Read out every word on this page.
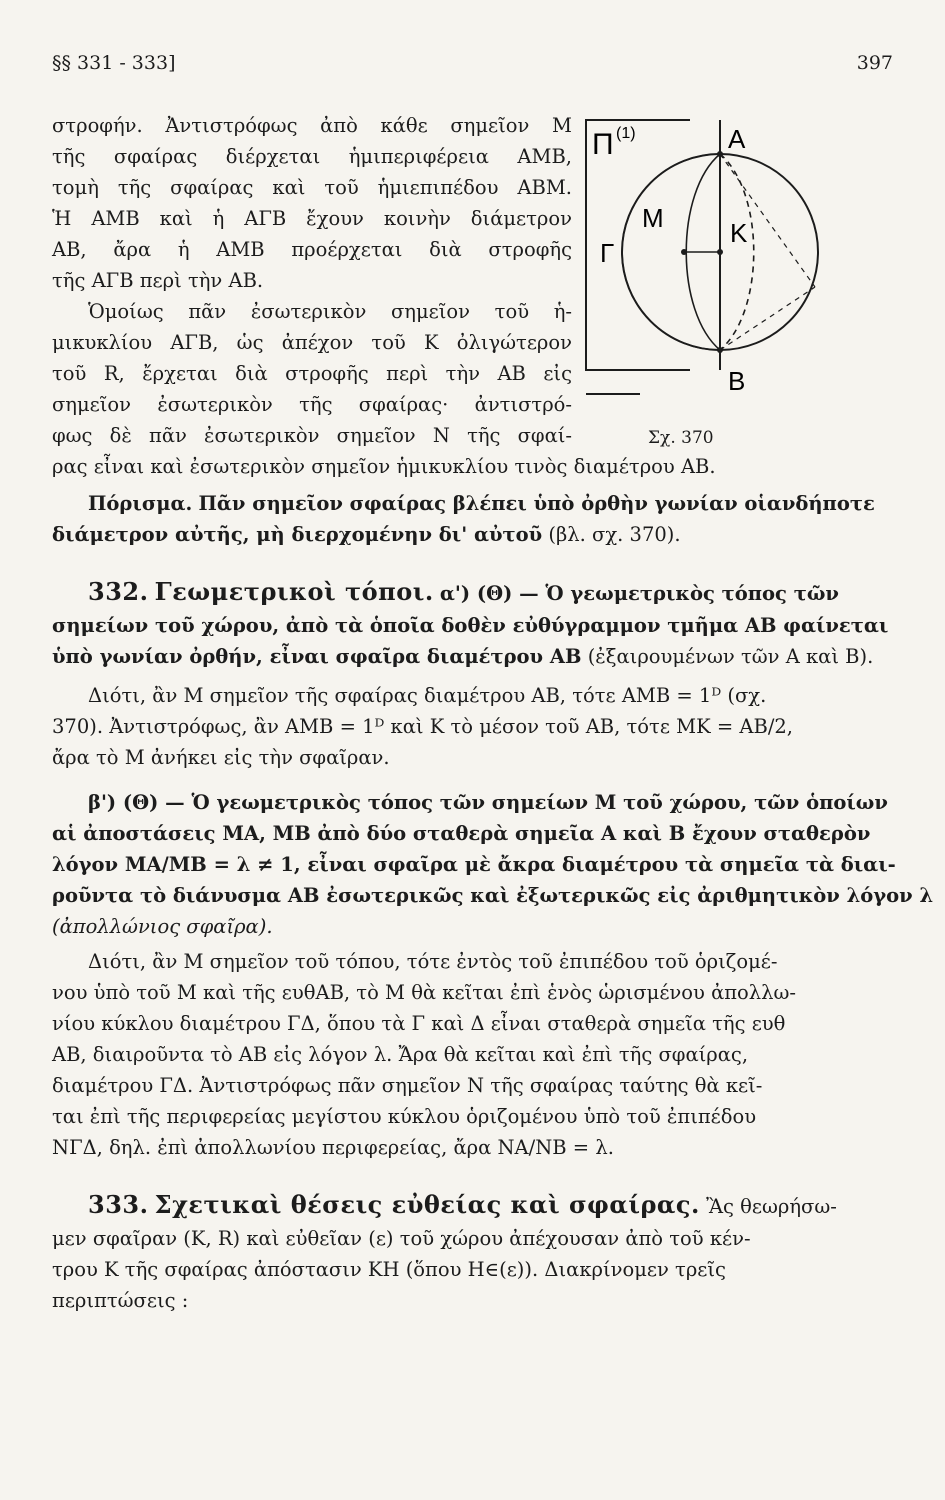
§§ 331 - 333]	397
στροφήν. Ἀντιστρόφως ἀπὸ κάθε σημεῖον Μ
τῆς σφαίρας διέρχεται ἡμιπεριφέρεια ΑΜΒ,
τομὴ τῆς σφαίρας καὶ τοῦ ἡμιεπιπέδου ΑΒΜ.
Ἡ ΑΜΒ καὶ ἡ ΑΓΒ ἔχουν κοινὴν διάμετρον
ΑΒ, ἄρα ἡ ΑΜΒ προέρχεται διὰ στροφῆς
τῆς ΑΓΒ περὶ τὴν ΑΒ.
Ὁμοίως πᾶν ἐσωτερικὸν σημεῖον τοῦ ἡ-
μικυκλίου ΑΓΒ, ὡς ἀπέχον τοῦ Κ ὀλιγώτερον
τοῦ R, ἔρχεται διὰ στροφῆς περὶ τὴν ΑΒ εἰς
σημεῖον ἐσωτερικὸν τῆς σφαίρας· ἀντιστρό-
φως δὲ πᾶν ἐσωτερικὸν σημεῖον Ν τῆς σφαί-
Π (1)	A
M	K
Γ
B
Σχ. 370
ρας εἶναι καὶ ἐσωτερικὸν σημεῖον ἡμικυκλίου τινὸς διαμέτρου ΑΒ.
Πόρισμα. Πᾶν σημεῖον σφαίρας βλέπει ὑπὸ ὀρθὴν γωνίαν οἱανδήποτε
διάμετρον αὐτῆς, μὴ διερχομένην δι' αὐτοῦ (βλ. σχ. 370).
332. Γεωμετρικοὶ τόποι. α') (Θ) — Ὁ γεωμετρικὸς τόπος τῶν
σημείων τοῦ χώρου, ἀπὸ τὰ ὁποῖα δοθὲν εὐθύγραμμον τμῆμα ΑΒ φαίνεται
ὑπὸ γωνίαν ὀρθήν, εἶναι σφαῖρα διαμέτρου ΑΒ (ἐξαιρουμένων τῶν Α καὶ Β).
Διότι, ἂν Μ σημεῖον τῆς σφαίρας διαμέτρου ΑΒ, τότε ΑΜΒ = 1ᴰ (σχ.
370). Ἀντιστρόφως, ἂν ΑΜΒ = 1ᴰ καὶ Κ τὸ μέσον τοῦ ΑΒ, τότε ΜΚ = ΑΒ/2,
ἄρα τὸ Μ ἀνήκει εἰς τὴν σφαῖραν.
β') (Θ) — Ὁ γεωμετρικὸς τόπος τῶν σημείων Μ τοῦ χώρου, τῶν ὁποίων
αἱ ἀποστάσεις ΜΑ, ΜΒ ἀπὸ δύο σταθερὰ σημεῖα Α καὶ Β ἔχουν σταθερὸν
λόγον ΜΑ/ΜΒ = λ ≠ 1, εἶναι σφαῖρα μὲ ἄκρα διαμέτρου τὰ σημεῖα τὰ διαι-
ροῦντα τὸ διάνυσμα ΑΒ ἐσωτερικῶς καὶ ἐξωτερικῶς εἰς ἀριθμητικὸν λόγον λ
(ἀπολλώνιος σφαῖρα).
Διότι, ἂν Μ σημεῖον τοῦ τόπου, τότε ἐντὸς τοῦ ἐπιπέδου τοῦ ὁριζομέ-
νου ὑπὸ τοῦ Μ καὶ τῆς ευθΑΒ, τὸ Μ θὰ κεῖται ἐπὶ ἑνὸς ὡρισμένου ἀπολλω-
νίου κύκλου διαμέτρου ΓΔ, ὅπου τὰ Γ καὶ Δ εἶναι σταθερὰ σημεῖα τῆς ευθ
ΑΒ, διαιροῦντα τὸ ΑΒ εἰς λόγον λ. Ἄρα θὰ κεῖται καὶ ἐπὶ τῆς σφαίρας,
διαμέτρου ΓΔ. Ἀντιστρόφως πᾶν σημεῖον Ν τῆς σφαίρας ταύτης θὰ κεῖ-
ται ἐπὶ τῆς περιφερείας μεγίστου κύκλου ὁριζομένου ὑπὸ τοῦ ἐπιπέδου
ΝΓΔ, δηλ. ἐπὶ ἀπολλωνίου περιφερείας, ἄρα ΝΑ/ΝΒ = λ.
333. Σχετικαὶ θέσεις εὐθείας καὶ σφαίρας. Ἂς θεωρήσω-
μεν σφαῖραν (Κ, R) καὶ εὐθεῖαν (ε) τοῦ χώρου ἀπέχουσαν ἀπὸ τοῦ κέν-
τρου Κ τῆς σφαίρας ἀπόστασιν ΚΗ (ὅπου Η∈(ε)). Διακρίνομεν τρεῖς
περιπτώσεις :
